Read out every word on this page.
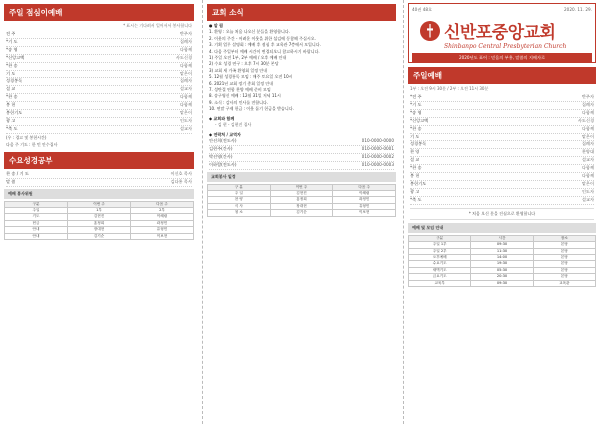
주일 점심이예배
* 표시는 기다려서 일어서서 봉사합니다
전 주	반주자
*기 도	집례자
*송 영	다함께
*신앙고백	사도신경
*찬 송	다함께
기 도	맡은이
성경봉독	집례자
설 교	설교자
*찬 송	다함께
봉 헌	다함께
봉헌기도	맡은이
광 고	인도자
*축 도	설교자
(우 : 경고 및 봉헌시간)
다음 주 기도 : 한 민 안수집사
수요성경공부
찬 송 / 기 도	이신호 목사
말 씀	김다홍 목사
예배 봉사위원
구분	이번 주	다음 주
주일	1부	2부
기도	김현진	이혜림
헌금	홍정희	곽정민
안내	장대현	유형민
안내	김기순	이보현
교회 소식
● 알 림
1. 환영 : 오늘 처음 나오신 분들을 환영합니다.
2. 이웃의 주간 - 어려운 이웃을 위한 섬김에 동참해 주십시오.
3. 기획 업무 설명회 : 예배 후 점심 후 교육관 7층에서 모입니다.
4. 다음 주일부터 예배 시간이 변경되오니 참고하시기 바랍니다.
1) 주일 오전 1부, 2부 예배 / 오후 예배 안내
2) 수요 성경 연구 : 오후 7시 30분 본당
3) 교회 새 가족 환영회 일정 안내
5. 12월 성경통독 모임 : 매주 토요일 오전 10시
6. 2021년 교회 정기 총회 일정 안내
7. 성탄절 연합 찬양 예배 준비 모임
8. 송구영신 예배 : 12월 31일 저녁 11시
9. 소식 : 감사의 인사를 전합니다.
10. 연말 구제 헌금 : 이웃 돕기 헌금을 받습니다.
◆ 교회와 함께
- 김 현 - 김현진 집사
◆ 연락처 / 교역자
안선희(전도사)	010-0000-0000
김현주(간사)	010-0000-0001
박선영(간사)	010-0000-0002
이하람(전도사)	010-0000-0003
교회봉사 일정
구 분	이번 주	다음 주
주 일	김현진	이혜림
찬 양	홍정희	곽정민
식 사	장대현	유형민
청 소	김기순	이보현
40권 48호	2020. 11. 29.
신반포중앙교회
Shinbanpo Central Presbyterian Church
2020년도 표어 : 믿음의 부흥, 말씀의 지배자로
주일예배
1부 : 오전 9시 30분 / 2부 : 오전 11시 30분
*전 주	반주자
*기 도	집례자
*송 영	다함께
*신앙고백	사도신경
*찬 송	다함께
기 도	맡은이
성경봉독	집례자
찬 양	찬양대
설 교	설교자
*찬 송	다함께
봉 헌	다함께
봉헌기도	맡은이
광 고	인도자
*축 도	설교자
* 처음 오신 분을 진심으로 환영합니다
예배 및 모임 안내
구분	시간	장소
주일 1부	09:30	본당
주일 2부	11:30	본당
오후예배	14:00	본당
수요기도	19:30	본당
새벽기도	05:30	본당
금요기도	20:30	본당
교육부	09:30	교육관
